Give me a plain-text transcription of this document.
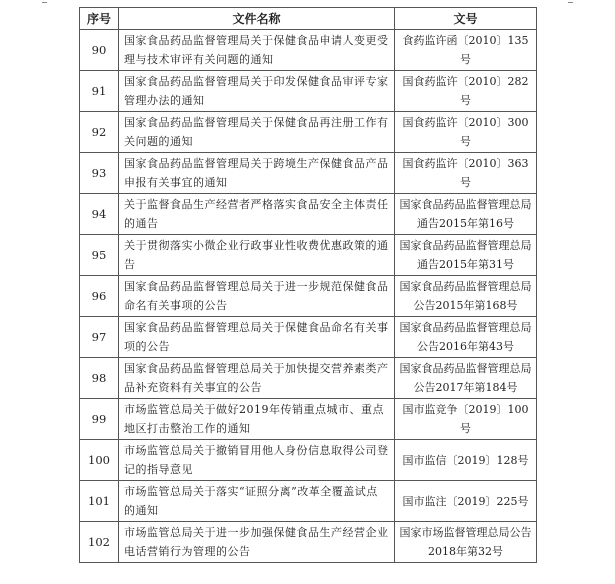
序号	文件名称	文号
90	国家食品药品监督管理局关于保健食品申请人变更受理与技术审评有关问题的通知	食药监许函〔2010〕135号
91	国家食品药品监督管理局关于印发保健食品审评专家管理办法的通知	国食药监许〔2010〕282号
92	国家食品药品监督管理局关于保健食品再注册工作有关问题的通知	国食药监许〔2010〕300号
93	国家食品药品监督管理局关于跨境生产保健食品产品申报有关事宜的通知	国食药监许〔2010〕363号
94	关于监督食品生产经营者严格落实食品安全主体责任的通告	国家食品药品监督管理总局通告2015年第16号
95	关于贯彻落实小微企业行政事业性收费优惠政策的通告	国家食品药品监督管理总局通告2015年第31号
96	国家食品药品监督管理总局关于进一步规范保健食品命名有关事项的公告	国家食品药品监督管理总局公告2015年第168号
97	国家食品药品监督管理总局关于保健食品命名有关事项的公告	国家食品药品监督管理总局公告2016年第43号
98	国家食品药品监督管理总局关于加快提交营养素类产品补充资料有关事宜的公告	国家食品药品监督管理总局公告2017年第184号
99	市场监管总局关于做好2019年传销重点城市、重点地区打击整治工作的通知	国市监竞争〔2019〕100号
100	市场监管总局关于撤销冒用他人身份信息取得公司登记的指导意见	国市监信〔2019〕128号
101	市场监管总局关于落实“证照分离”改革全覆盖试点的通知	国市监注〔2019〕225号
102	市场监管总局关于进一步加强保健食品生产经营企业电话营销行为管理的公告	国家市场监督管理总局公告2018年第32号
